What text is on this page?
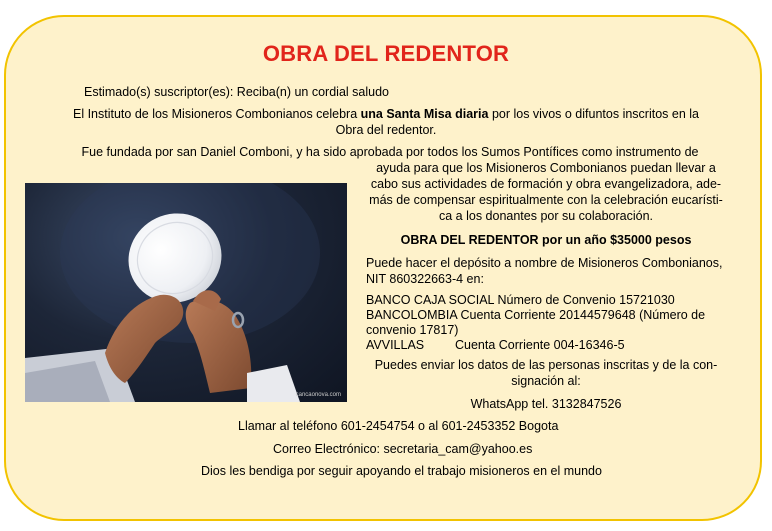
OBRA DEL REDENTOR
Estimado(s) suscriptor(es): Reciba(n) un cordial saludo
El Instituto de los Misioneros Combonianos celebra una Santa Misa diaria por los vivos o difuntos inscritos en la
Obra del redentor.
Fue fundada por san Daniel Comboni, y ha sido aprobada por todos los Sumos Pontífices como instrumento de
ayuda para que los Misioneros Combonianos puedan llevar a
cabo sus actividades de formación y obra evangelizadora, ade-
más de compensar espiritualmente con la celebración eucarísti-
ca a los donantes por su colaboración.
OBRA DEL REDENTOR por un año $35000 pesos
Puede hacer el depósito a nombre de Misioneros Combonianos,
NIT 860322663-4 en:
BANCO CAJA SOCIAL Número de Convenio 15721030
BANCOLOMBIA Cuenta Corriente 20144579648 (Número de
convenio 17817)
AVVILLAS Cuenta Corriente 004-16346-5
Puedes enviar los datos de las personas inscritas y de la con-
signación al:
WhatsApp tel. 3132847526
Llamar al teléfono 601-2454754 o al 601-2453352 Bogota
Correo Electrónico: secretaria_cam@yahoo.es
Dios les bendiga por seguir apoyando el trabajo misioneros en el mundo
cancaonova.com
